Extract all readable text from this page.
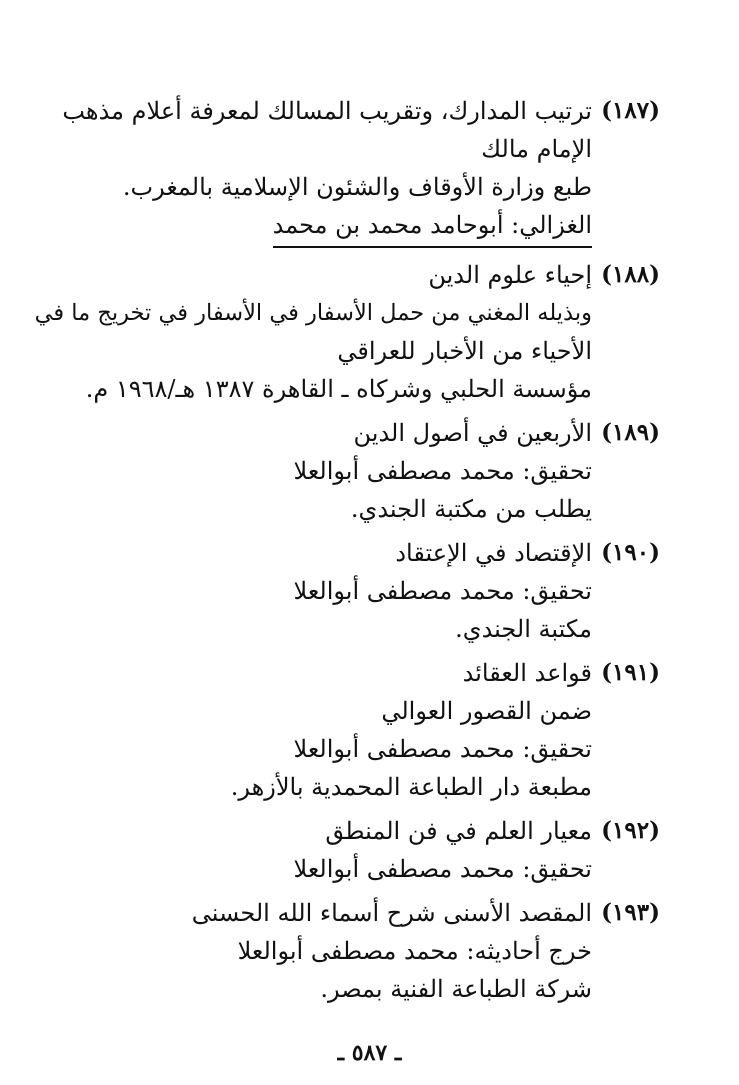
(١٨٧)
ترتيب المدارك، وتقريب المسالك لمعرفة أعلام مذهب
الإمام مالك
طبع وزارة الأوقاف والشئون الإسلامية بالمغرب.
الغزالي: أبوحامد محمد بن محمد
(١٨٨)
إحياء علوم الدين
وبذيله المغني من حمل الأسفار في الأسفار في تخريج ما في
الأحياء من الأخبار للعراقي
مؤسسة الحلبي وشركاه ـ القاهرة ١٣٨٧ هـ/١٩٦٨ م.
(١٨٩)
الأربعين في أصول الدين
تحقيق: محمد مصطفى أبوالعلا
يطلب من مكتبة الجندي.
(١٩٠)
الإقتصاد في الإعتقاد
تحقيق: محمد مصطفى أبوالعلا
مكتبة الجندي.
(١٩١)
قواعد العقائد
ضمن القصور العوالي
تحقيق: محمد مصطفى أبوالعلا
مطبعة دار الطباعة المحمدية بالأزهر.
(١٩٢)
معيار العلم في فن المنطق
تحقيق: محمد مصطفى أبوالعلا
(١٩٣)
المقصد الأسنى شرح أسماء الله الحسنى
خرج أحاديثه: محمد مصطفى أبوالعلا
شركة الطباعة الفنية بمصر.
ـ ٥٨٧ ـ
